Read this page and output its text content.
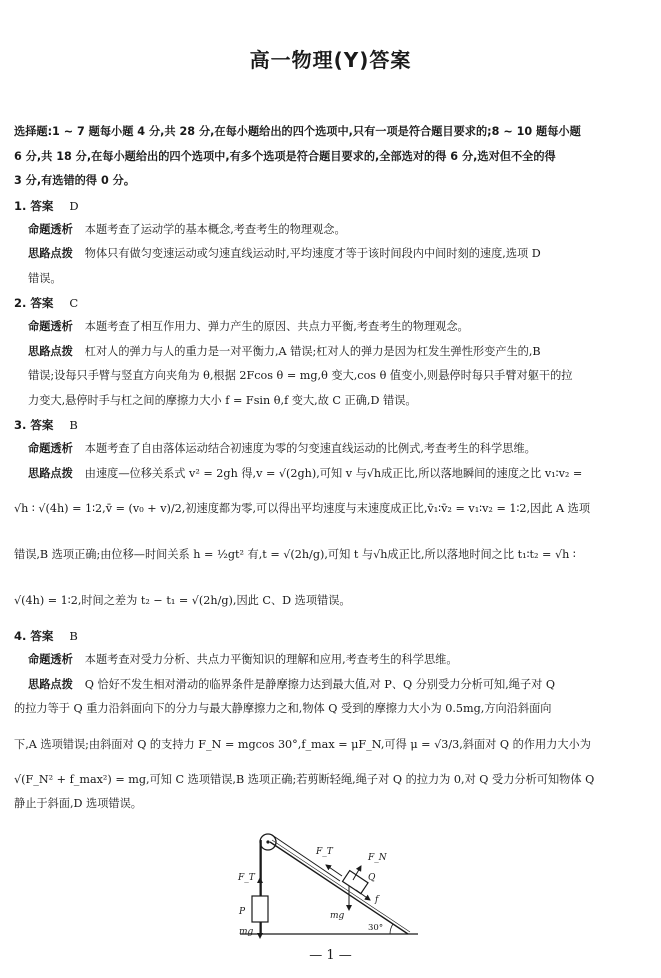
高一物理(Y)答案

选择题:1 ~ 7 题每小题 4 分,共 28 分,在每小题给出的四个选项中,只有一项是符合题目要求的;8 ~ 10 题每小题

6 分,共 18 分,在每小题给出的四个选项中,有多个选项是符合题目要求的,全部选对的得 6 分,选对但不全的得

3 分,有选错的得 0 分。

1. 答案 D

命题透析 本题考查了运动学的基本概念,考查考生的物理观念。

思路点拨 物体只有做匀变速运动或匀速直线运动时,平均速度才等于该时间段内中间时刻的速度,选项 D

错误。

2. 答案 C

命题透析 本题考查了相互作用力、弹力产生的原因、共点力平衡,考查考生的物理观念。

思路点拨 杠对人的弹力与人的重力是一对平衡力,A 错误;杠对人的弹力是因为杠发生弹性形变产生的,B

错误;设每只手臂与竖直方向夹角为 θ,根据 2Fcos θ = mg,θ 变大,cos θ 值变小,则悬停时每只手臂对躯干的拉

力变大,悬停时手与杠之间的摩擦力大小 f = Fsin θ,f 变大,故 C 正确,D 错误。

3. 答案 B

命题透析 本题考查了自由落体运动结合初速度为零的匀变速直线运动的比例式,考查考生的科学思维。

思路点拨 由速度—位移关系式 v² = 2gh 得,v = √(2gh),可知 v 与√h成正比,所以落地瞬间的速度之比 v₁∶v₂ =

√h ∶ √(4h) = 1∶2,v̄ = (v₀ + v)/2,初速度都为零,可以得出平均速度与末速度成正比,v̄₁∶v̄₂ = v₁∶v₂ = 1∶2,因此 A 选项

错误,B 选项正确;由位移—时间关系 h = ½gt² 有,t = √(2h/g),可知 t 与√h成正比,所以落地时间之比 t₁∶t₂ = √h ∶

√(4h) = 1∶2,时间之差为 t₂ − t₁ = √(2h/g),因此 C、D 选项错误。

4. 答案 B

命题透析 本题考查对受力分析、共点力平衡知识的理解和应用,考查考生的科学思维。

思路点拨 Q 恰好不发生相对滑动的临界条件是静摩擦力达到最大值,对 P、Q 分别受力分析可知,绳子对 Q

的拉力等于 Q 重力沿斜面向下的分力与最大静摩擦力之和,物体 Q 受到的摩擦力大小为 0.5mg,方向沿斜面向

下,A 选项错误;由斜面对 Q 的支持力 F_N = mgcos 30°,f_max = μF_N,可得 μ = √3/3,斜面对 Q 的作用力大小为

√(F_N² + f_max²) = mg,可知 C 选项错误,B 选项正确;若剪断轻绳,绳子对 Q 的拉力为 0,对 Q 受力分析可知物体 Q

静止于斜面,D 选项错误。

F_T
P
mg
F_T
F_N
Q
f
mg
30°
— 1 —
